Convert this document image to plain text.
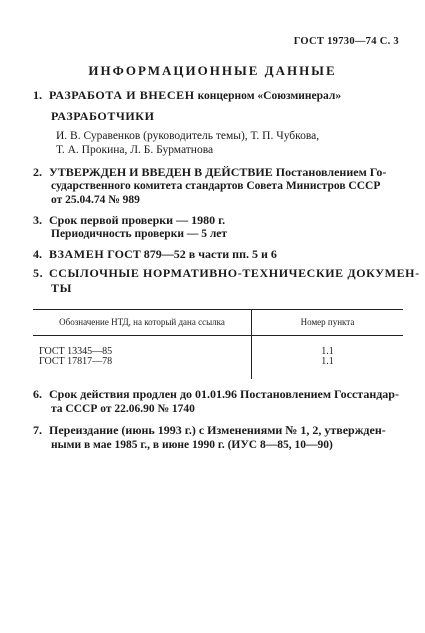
ГОСТ 19730—74 С. 3
ИНФОРМАЦИОННЫЕ ДАННЫЕ
1. РАЗРАБОТА И ВНЕСЕН концерном «Союзминерал»
РАЗРАБОТЧИКИ
И. В. Суравенков (руководитель темы), Т. П. Чубкова,
Т. А. Прокина, Л. Б. Бурматнова
2. УТВЕРЖДЕН И ВВЕДЕН В ДЕЙСТВИЕ Постановлением Го-
сударственного комитета стандартов Совета Министров СССР
от 25.04.74 № 989
3. Срок первой проверки — 1980 г.
Периодичность проверки — 5 лет
4. ВЗАМЕН ГОСТ 879—52 в части пп. 5 и 6
5. ССЫЛОЧНЫЕ НОРМАТИВНО-ТЕХНИЧЕСКИЕ ДОКУМЕН-
ТЫ
Обозначение НТД, на который дана ссылка	Номер пункта
ГОСТ 13345—85	1.1
ГОСТ 17817—78	1.1
6. Срок действия продлен до 01.01.96 Постановлением Госстандар-
та СССР от 22.06.90 № 1740
7. Переиздание (июнь 1993 г.) с Изменениями № 1, 2, утвержден-
ными в мае 1985 г., в июне 1990 г. (ИУС 8—85, 10—90)
